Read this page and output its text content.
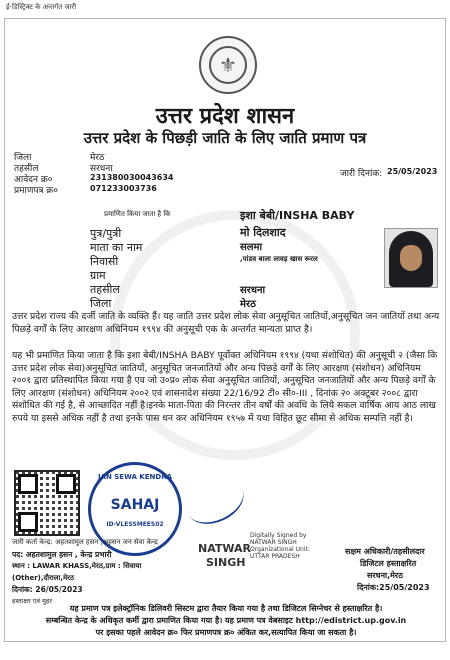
ई-डिस्ट्रिक्ट के अन्तर्गत जारी
⚜
उत्तर प्रदेश शासन
उत्तर प्रदेश के पिछड़ी जाति के लिए जाति प्रमाण पत्र
जिला	मेरठ
तहसील	सरधना
आवेदन क्र०	231380030043634
प्रमाणपत्र क्र०	071233003736
जारी दिनांक: 25/05/2023
प्रमाणित किया जाता है कि	इशा बेबी/INSHA BABY
पुत्र/पुत्री	मो दिलशाद
माता का नाम	सलमा
निवासी	,पांडव बाला लावड़ खास रूरल
ग्राम
तहसील	सरधना
जिला	मेरठ
उत्तर प्रदेश राज्य की दर्जी जाति के व्यक्ति हैं। यह जाति उत्तर प्रदेश लोक सेवा अनुसूचित जातियों,अनुसूचित जन जातियों तथा अन्य पिछड़े वर्गों के लिए आरक्षण अधिनियम १९९४ की अनुसूची एक के अन्तर्गत मान्यता प्राप्त है।
यह भी प्रमाणित किया जाता है कि इशा बेबी/INSHA BABY पूर्वोक्त अधिनियम १९९४ (यथा संशोधित) की अनुसूची २ (जैसा कि उत्तर प्रदेश लोक सेवा)अनुसूचित जातियों, अनुसूचित जनजातियों और अन्य पिछड़े वर्गों के लिए आरक्षण (संशोधन) अधिनियम २००१ द्वारा प्रतिस्थापित किया गया है एव जो उ०प्र० लोक सेवा अनुसूचित जातियों, अनुसूचित जनजातियों और अन्य पिछड़े वर्गों के लिए आरक्षण (संशोधन) अधिनियम २००२ एवं शासनादेश संख्या 22/16/92 टी० सी०-III , दिनांक २० अक्टूबर २००८ द्वारा संशोधित की गई है, से आच्छादित नहीं है।इनके माता-पिता की निरन्तर तीन वर्षों की अवधि के लिये सकल वार्षिक आय आठ लाख रुपये या इससे अधिक नहीं है तथा इनके पास धन कर अधिनियम १९५७ में यथा विहित छूट सीमा से अधिक सम्पत्ति नहीं है।
JAN SEWA KENDRA
SAHAJ
ID-VLESSMEES02
जारी कर्ता केन्द्र: अहतशामुल हसन ,अहसन जन सेवा केन्द्र
पद: अहतशामुल हसन , केन्द्र प्रभारी
स्थान : LAWAR KHASS,मेरठ,ग्राम : सिवाया
(Other),दौराला,मेरठ
दिनांक: 26/05/2023
हस्ताक्षर एवं मुहर
NATWAR
SINGH
Digitally Signed by NATWAR SINGH Organizational Unit: UTTAR PRADESH
सक्षम अधिकारी/तहसीलदार
डिजिटल हस्ताक्षरित
सरधना,मेरठ
दिनांक:25/05/2023
यह प्रमाण पत्र इलेक्ट्रॉनिक डिलिवरी सिस्टम द्वारा तैयार किया गया है तथा डिजिटल सिग्नेचर से हस्ताक्षरित है।
सम्बन्धित केन्द्र के अधिकृत कर्मी द्वारा प्रमाणित किया गया है। यह प्रमाण पत्र वेबसाइट http://edistrict.up.gov.in
पर इसका पहले आवेदन क्र० फिर प्रमाणपत्र क्र० अंकित कर,सत्यापित किया जा सकता है।
